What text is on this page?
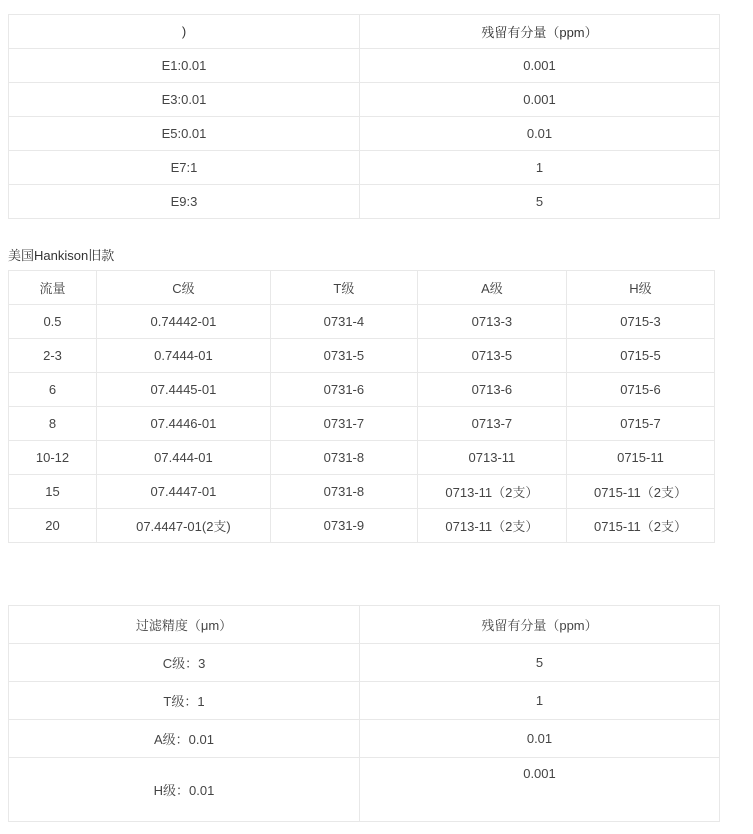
)	残留有分量（ppm）
E1:0.01	0.001
E3:0.01	0.001
E5:0.01	0.01
E7:1	1
E9:3	5
美国Hankison旧款
流量	C级	T级	A级	H级
0.5	0.74442-01	0731-4	0713-3	0715-3
2-3	0.7444-01	0731-5	0713-5	0715-5
6	07.4445-01	0731-6	0713-6	0715-6
8	07.4446-01	0731-7	0713-7	0715-7
10-12	07.444-01	0731-8	0713-11	0715-11
15	07.4447-01	0731-8	0713-11（2支）	0715-11（2支）
20	07.4447-01(2支)	0731-9	0713-11（2支）	0715-11（2支）
过滤精度（μm）	残留有分量（ppm）
C级：3	5
T级：1	1
A级：0.01	0.01
H级：0.01	0.001
